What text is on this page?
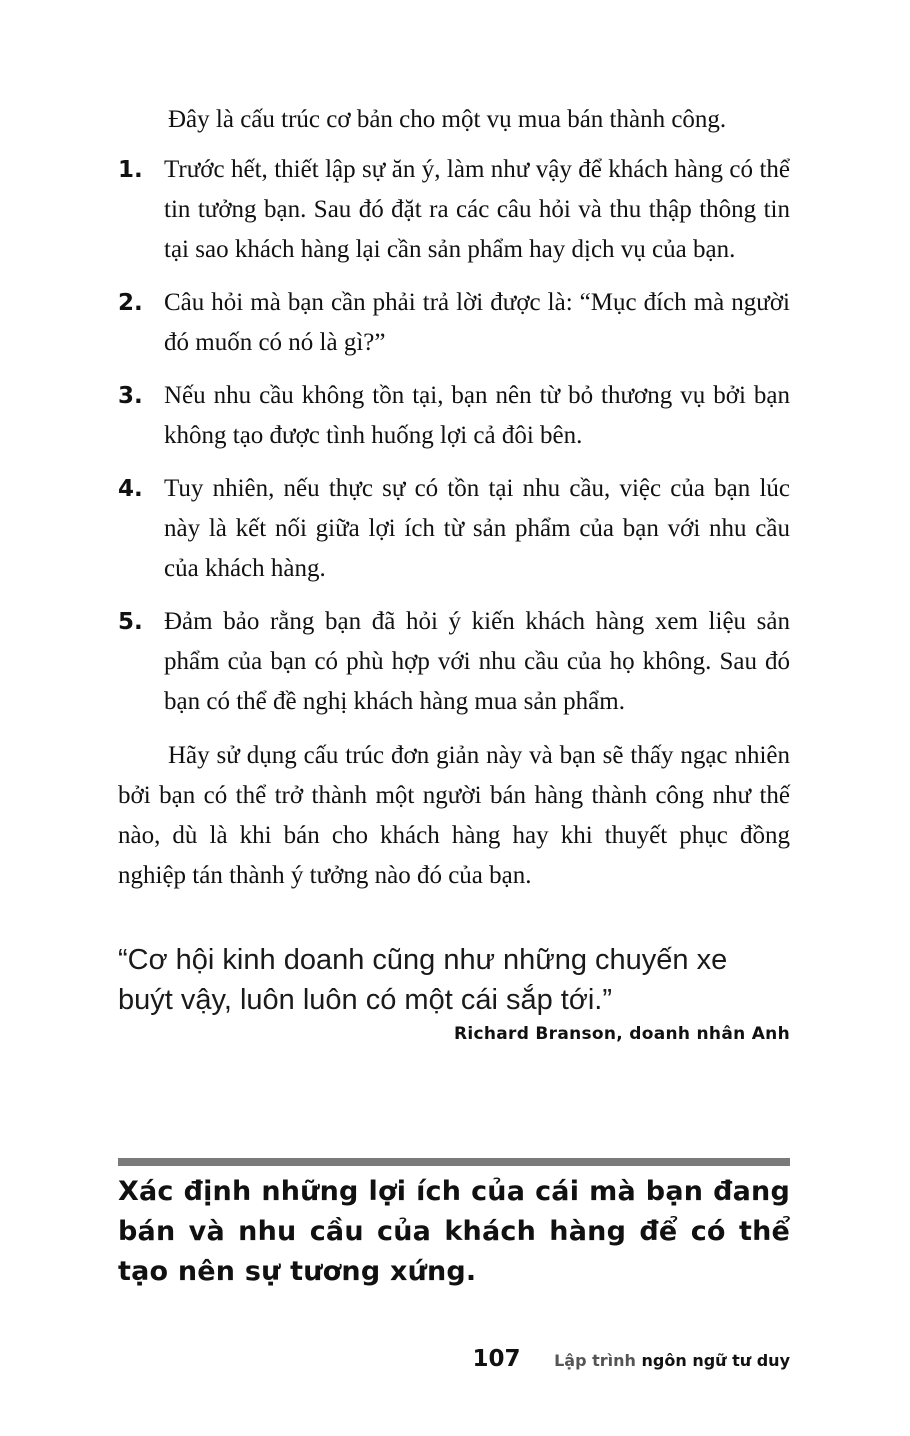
Đây là cấu trúc cơ bản cho một vụ mua bán thành công.

1. Trước hết, thiết lập sự ăn ý, làm như vậy để khách hàng có thể tin tưởng bạn. Sau đó đặt ra các câu hỏi và thu thập thông tin tại sao khách hàng lại cần sản phẩm hay dịch vụ của bạn.

2. Câu hỏi mà bạn cần phải trả lời được là: “Mục đích mà người đó muốn có nó là gì?”

3. Nếu nhu cầu không tồn tại, bạn nên từ bỏ thương vụ bởi bạn không tạo được tình huống lợi cả đôi bên.

4. Tuy nhiên, nếu thực sự có tồn tại nhu cầu, việc của bạn lúc này là kết nối giữa lợi ích từ sản phẩm của bạn với nhu cầu của khách hàng.

5. Đảm bảo rằng bạn đã hỏi ý kiến khách hàng xem liệu sản phẩm của bạn có phù hợp với nhu cầu của họ không. Sau đó bạn có thể đề nghị khách hàng mua sản phẩm.

Hãy sử dụng cấu trúc đơn giản này và bạn sẽ thấy ngạc nhiên bởi bạn có thể trở thành một người bán hàng thành công như thế nào, dù là khi bán cho khách hàng hay khi thuyết phục đồng nghiệp tán thành ý tưởng nào đó của bạn.

“Cơ hội kinh doanh cũng như những chuyến xe buýt vậy, luôn luôn có một cái sắp tới.”
Richard Branson, doanh nhân Anh
Xác định những lợi ích của cái mà bạn đang bán và nhu cầu của khách hàng để có thể tạo nên sự tương xứng.
107 Lập trình ngôn ngữ tư duy
